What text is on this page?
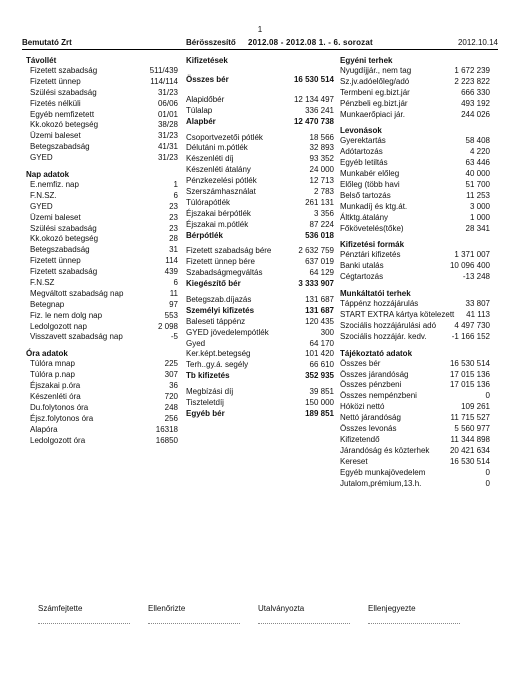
1
Bemutató Zrt	Bérösszesítő 2012.08 - 2012.08 1. - 6. sorozat	2012.10.14
Távollét
Fizetett szabadság	511/439
Fizetett ünnep	114/114
Szülési szabadság	31/23
Fizetés nélküli	06/06
Egyéb nemfizetett	01/01
Kk.okozó betegség	38/28
Üzemi baleset	31/23
Betegszabadság	41/31
GYED	31/23
Nap adatok
E.nemfiz. nap	1
F.N.SZ.	6
GYED	23
Üzemi baleset	23
Szülési szabadság	23
Kk.okozó betegség	28
Betegszabadság	31
Fizetett ünnep	114
Fizetett szabadság	439
F.N.SZ	6
Megváltott szabadság nap	11
Betegnap	97
Fiz. le nem dolg nap	553
Ledolgozott nap	2 098
Visszavett szabadság nap	-5
Óra adatok
Túlóra mnap	225
Túlóra p.nap	307
Éjszakai p.óra	36
Készenléti óra	720
Du.folytonos óra	248
Éjsz.folytonos óra	256
Alapóra	16318
Ledolgozott óra	16850
Kifizetések
Összes bér	16 530 514
Alapidőbér	12 134 497
Túlalap	336 241
Alapbér	12 470 738
Csoportvezetői pótlék	18 566
Délutáni m.pótlék	32 893
Készenléti díj	93 352
Készenléti átalány	24 000
Pénzkezelési pótlék	12 713
Szerszámhasználat	2 783
Túlórapótlék	261 131
Éjszakai bérpótlék	3 356
Éjszakai m.pótlék	87 224
Bérpótlék	536 018
Fizetett szabadság bére	2 632 759
Fizetett ünnep bére	637 019
Szabadságmegváltás	64 129
Kiegészítő bér	3 333 907
Betegszab.díjazás	131 687
Személyi kifizetés	131 687
Baleseti táppénz	120 435
GYED jövedelempótlék	300
Gyed	64 170
Ker.képt.betegség	101 420
Terh..gy.á. segély	66 610
Tb kifizetés	352 935
Megbízási díj	39 851
Tiszteletdíj	150 000
Egyéb bér	189 851
Egyéni terhek
Nyugdíjjár., nem tag	1 672 239
Sz.jv.adóelőleg/adó	2 223 822
Termbeni eg.bizt.jár	666 330
Pénzbeli eg.bizt.jár	493 192
Munkaerőpiaci jár.	244 026
Levonások
Gyerektartás	58 408
Adótartozás	4 220
Egyéb letiltás	63 446
Munkabér előleg	40 000
Előleg (több havi	51 700
Belső tartozás	11 253
Munkadíj és ktg.át.	3 000
Áltktg.átalány	1 000
Főkövetelés(tőke)	28 341
Kifizetési formák
Pénztári kifizetés	1 371 007
Banki utalás	10 096 400
Cégtartozás	-13 248
Munkáltatói terhek
Táppénz hozzájárulás	33 807
START EXTRA kártya kötelezett 41 113
Szociális hozzájárulási adó 4 497 730
Szociális hozzájár. kedv.	-1 166 152
Tájékoztató adatok
Összes bér	16 530 514
Összes járandóság	17 015 136
Összes pénzbeni	17 015 136
Összes nempénzbeni	0
Hóközi nettó	109 261
Nettó járandóság	11 715 527
Összes levonás	5 560 977
Kifizetendő	11 344 898
Járandóság és közterhek	20 421 634
Kereset	16 530 514
Egyéb munkajövedelem	0
Jutalom,prémium,13.h.	0
Számfejtette	Ellenőrizte	Utalványozta	Ellenjegyezte
